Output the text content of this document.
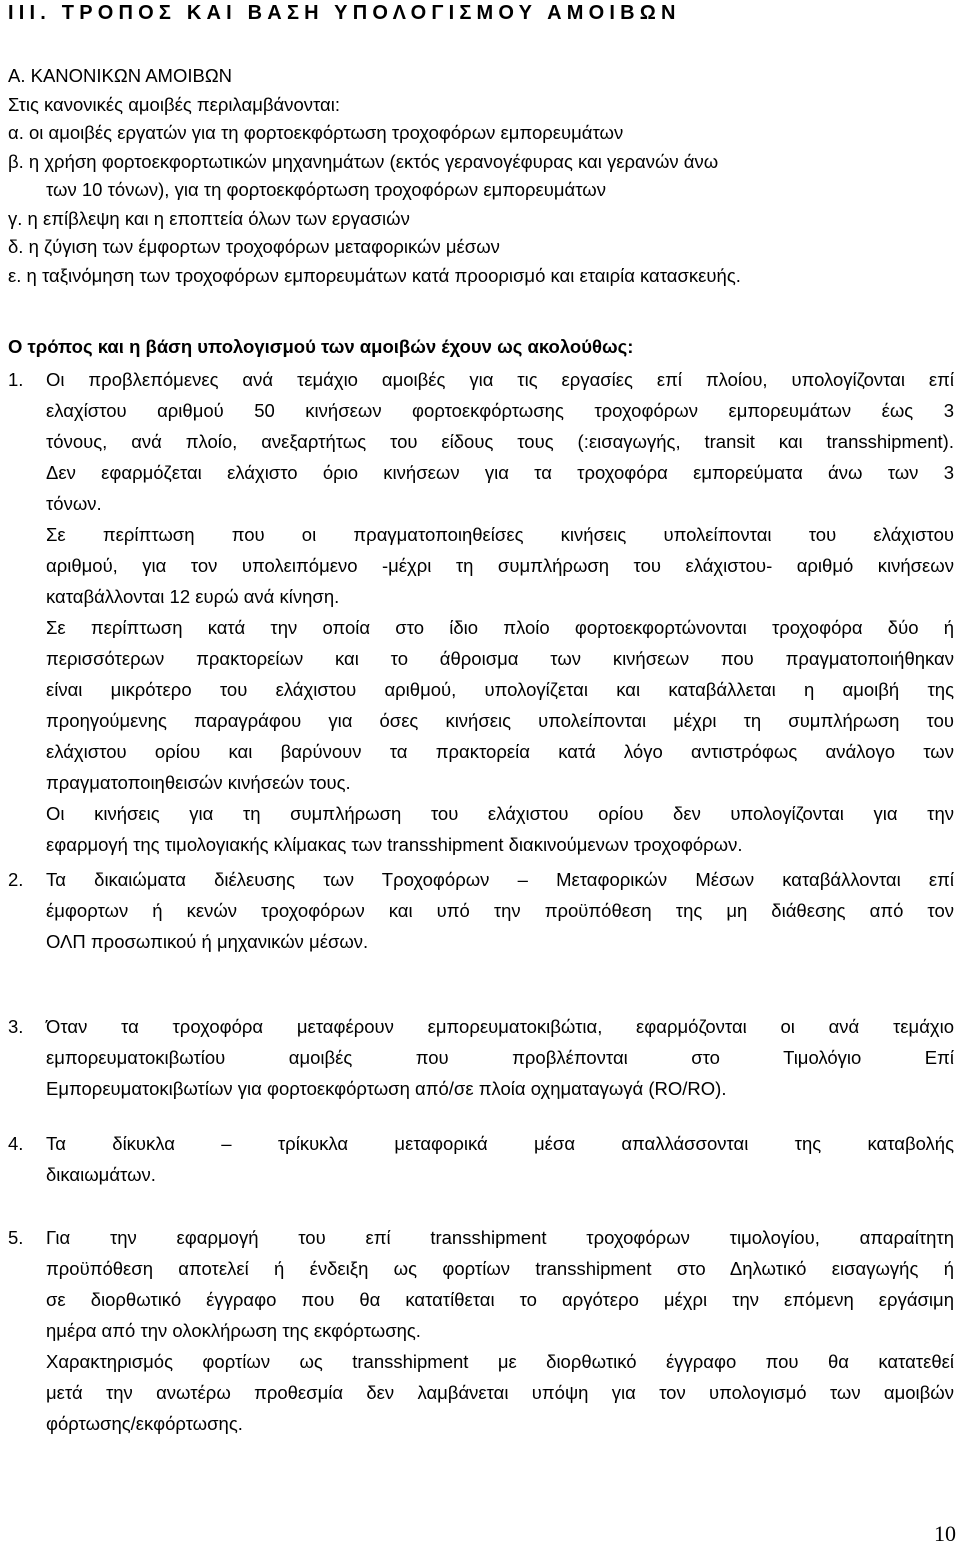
III. ΤΡΟΠΟΣ ΚΑΙ ΒΑΣΗ ΥΠΟΛΟΓΙΣΜΟΥ ΑΜΟΙΒΩΝ
Α. ΚΑΝΟΝΙΚΩΝ ΑΜΟΙΒΩΝ
Στις κανονικές αμοιβές περιλαμβάνονται:
α. οι αμοιβές εργατών για τη φορτοεκφόρτωση τροχοφόρων εμπορευμάτων
β. η χρήση φορτοεκφορτωτικών μηχανημάτων (εκτός γερανογέφυρας και γερανών άνω
των 10 τόνων), για τη φορτοεκφόρτωση τροχοφόρων εμπορευμάτων
γ. η επίβλεψη και η εποπτεία όλων των εργασιών
δ. η ζύγιση των έμφορτων τροχοφόρων μεταφορικών μέσων
ε. η ταξινόμηση των τροχοφόρων εμπορευμάτων κατά προορισμό και εταιρία κατασκευής.
Ο τρόπος και η βάση υπολογισμού των αμοιβών έχουν ως ακολούθως:
1. Οι προβλεπόμενες ανά τεμάχιο αμοιβές για τις εργασίες επί πλοίου, υπολογίζονται επί
ελαχίστου αριθμού 50 κινήσεων φορτοεκφόρτωσης τροχοφόρων εμπορευμάτων έως 3
τόνους, ανά πλοίο, ανεξαρτήτως του είδους τους (:εισαγωγής, transit και transshipment).
Δεν εφαρμόζεται ελάχιστο όριο κινήσεων για τα τροχοφόρα εμπορεύματα άνω των 3
τόνων.
Σε περίπτωση που οι πραγματοποιηθείσες κινήσεις υπολείπονται του ελάχιστου
αριθμού, για τον υπολειπόμενο -μέχρι τη συμπλήρωση του ελάχιστου- αριθμό κινήσεων
καταβάλλονται 12 ευρώ ανά κίνηση.
Σε περίπτωση κατά την οποία στο ίδιο πλοίο φορτοεκφορτώνονται τροχοφόρα δύο ή
περισσότερων πρακτορείων και το άθροισμα των κινήσεων που πραγματοποιήθηκαν
είναι μικρότερο του ελάχιστου αριθμού, υπολογίζεται και καταβάλλεται η αμοιβή της
προηγούμενης παραγράφου για όσες κινήσεις υπολείπονται μέχρι τη συμπλήρωση του
ελάχιστου ορίου και βαρύνουν τα πρακτορεία κατά λόγο αντιστρόφως ανάλογο των
πραγματοποιηθεισών κινήσεών τους.
Οι κινήσεις για τη συμπλήρωση του ελάχιστου ορίου δεν υπολογίζονται για την
εφαρμογή της τιμολογιακής κλίμακας των transshipment διακινούμενων τροχοφόρων.
2. Τα δικαιώματα διέλευσης των Τροχοφόρων – Μεταφορικών Μέσων καταβάλλονται επί
έμφορτων ή κενών τροχοφόρων και υπό την προϋπόθεση της μη διάθεσης από τον
ΟΛΠ προσωπικού ή μηχανικών μέσων.
3. Όταν τα τροχοφόρα μεταφέρουν εμπορευματοκιβώτια, εφαρμόζονται οι ανά τεμάχιο
εμπορευματοκιβωτίου αμοιβές που προβλέπονται στο Τιμολόγιο Επί
Εμπορευματοκιβωτίων για φορτοεκφόρτωση από/σε πλοία οχηματαγωγά (RO/RO).
4. Τα δίκυκλα – τρίκυκλα μεταφορικά μέσα απαλλάσσονται της καταβολής
δικαιωμάτων.
5. Για την εφαρμογή του επί transshipment τροχοφόρων τιμολογίου, απαραίτητη
προϋπόθεση αποτελεί ή ένδειξη ως φορτίων transshipment στο Δηλωτικό εισαγωγής ή
σε διορθωτικό έγγραφο που θα κατατίθεται το αργότερο μέχρι την επόμενη εργάσιμη
ημέρα από την ολοκλήρωση της εκφόρτωσης.
Χαρακτηρισμός φορτίων ως transshipment με διορθωτικό έγγραφο που θα κατατεθεί
μετά την ανωτέρω προθεσμία δεν λαμβάνεται υπόψη για τον υπολογισμό των αμοιβών
φόρτωσης/εκφόρτωσης.
10
